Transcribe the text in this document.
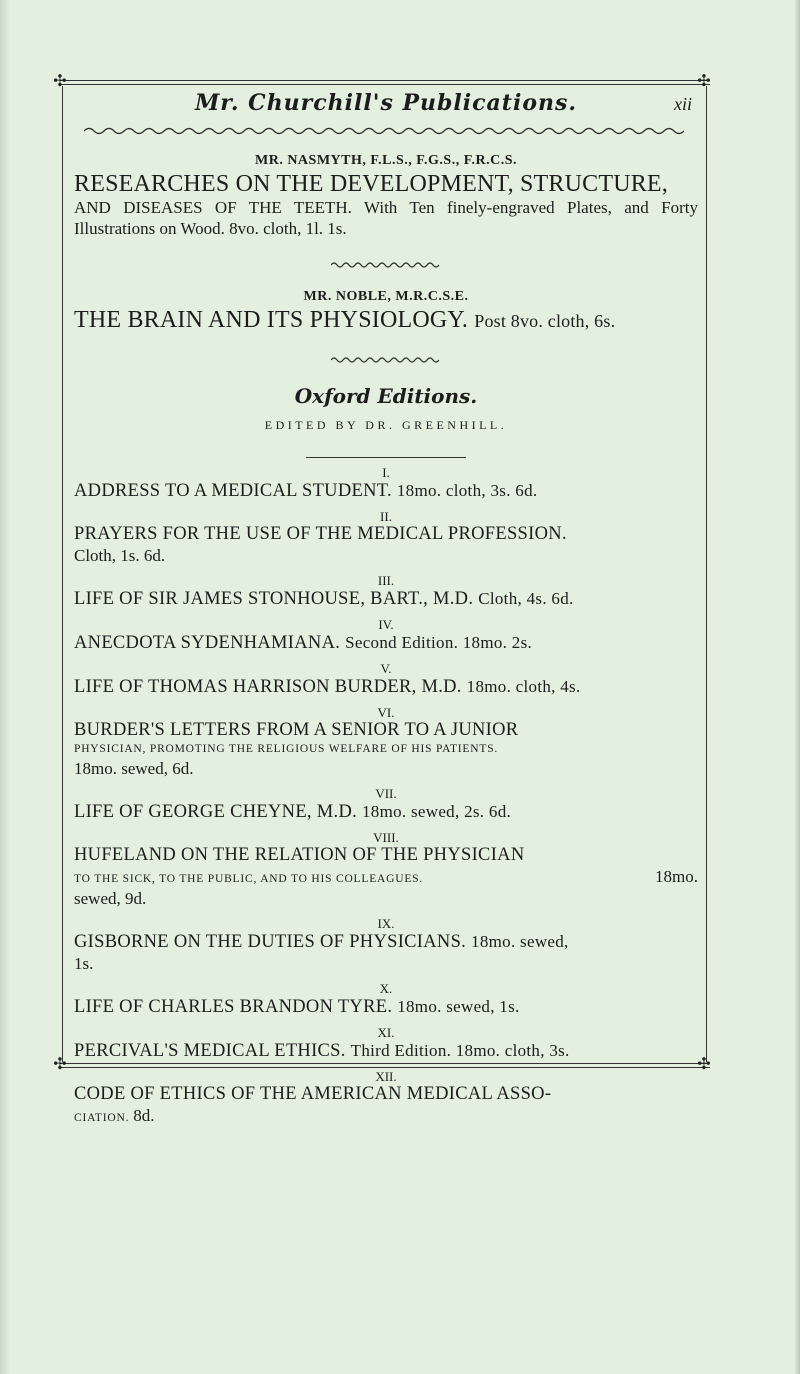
✣	✣
✣	✣
Mr. Churchill's Publications.	xii
MR. NASMYTH, F.L.S., F.G.S., F.R.C.S.
RESEARCHES ON THE DEVELOPMENT, STRUCTURE,
AND DISEASES OF THE TEETH. With Ten finely-engraved Plates, and Forty Illustrations on Wood. 8vo. cloth, 1l. 1s.
MR. NOBLE, M.R.C.S.E.
THE BRAIN AND ITS PHYSIOLOGY. Post 8vo. cloth, 6s.
Oxford Editions.
EDITED BY DR. GREENHILL.
I.
ADDRESS TO A MEDICAL STUDENT. 18mo. cloth, 3s. 6d.
II.
PRAYERS FOR THE USE OF THE MEDICAL PROFESSION.
Cloth, 1s. 6d.
III.
LIFE OF SIR JAMES STONHOUSE, BART., M.D. Cloth, 4s. 6d.
IV.
ANECDOTA SYDENHAMIANA. Second Edition. 18mo. 2s.
V.
LIFE OF THOMAS HARRISON BURDER, M.D. 18mo. cloth, 4s.
VI.
BURDER'S LETTERS FROM A SENIOR TO A JUNIOR
PHYSICIAN, PROMOTING THE RELIGIOUS WELFARE OF HIS PATIENTS.
18mo. sewed, 6d.
VII.
LIFE OF GEORGE CHEYNE, M.D. 18mo. sewed, 2s. 6d.
VIII.
HUFELAND ON THE RELATION OF THE PHYSICIAN
TO THE SICK, TO THE PUBLIC, AND TO HIS COLLEAGUES.	18mo.
sewed, 9d.
IX.
GISBORNE ON THE DUTIES OF PHYSICIANS. 18mo. sewed,
1s.
X.
LIFE OF CHARLES BRANDON TYRE. 18mo. sewed, 1s.
XI.
PERCIVAL'S MEDICAL ETHICS. Third Edition. 18mo. cloth, 3s.
XII.
CODE OF ETHICS OF THE AMERICAN MEDICAL ASSO-
CIATION. 8d.
